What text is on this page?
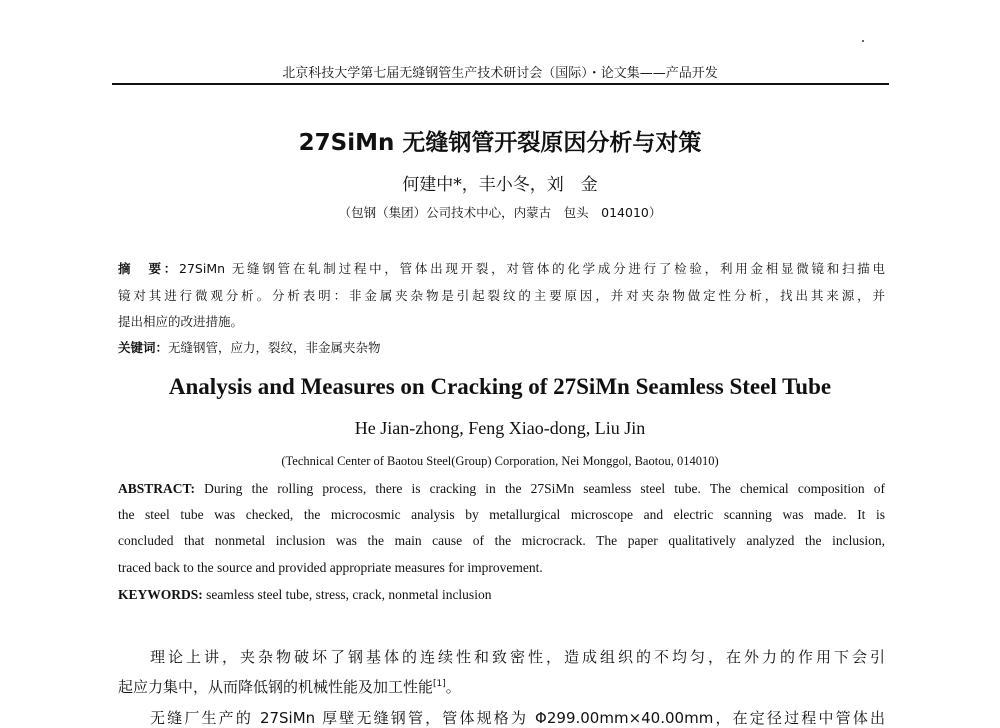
北京科技大学第七届无缝钢管生产技术研讨会（国际）・论文集——产品开发
27SiMn 无缝钢管开裂原因分析与对策
何建中*，丰小冬，刘　金
（包钢（集团）公司技术中心，内蒙古　包头　014010）
摘　要：27SiMn 无缝钢管在轧制过程中，管体出现开裂，对管体的化学成分进行了检验，利用金相显微镜和扫描电
镜对其进行微观分析。分析表明：非金属夹杂物是引起裂纹的主要原因，并对夹杂物做定性分析，找出其来源，并
提出相应的改进措施。
关键词：无缝钢管，应力，裂纹，非金属夹杂物
Analysis and Measures on Cracking of 27SiMn Seamless Steel Tube
He Jian-zhong, Feng Xiao-dong, Liu Jin
(Technical Center of Baotou Steel(Group) Corporation, Nei Monggol, Baotou, 014010)
ABSTRACT: During the rolling process, there is cracking in the 27SiMn seamless steel tube. The chemical composition of
the steel tube was checked, the microcosmic analysis by metallurgical microscope and electric scanning was made. It is
concluded that nonmetal inclusion was the main cause of the microcrack. The paper qualitatively analyzed the inclusion,
traced back to the source and provided appropriate measures for improvement.
KEYWORDS: seamless steel tube, stress, crack, nonmetal inclusion
理论上讲，夹杂物破坏了钢基体的连续性和致密性，造成组织的不均匀，在外力的作用下会引
起应力集中，从而降低钢的机械性能及加工性能[1]。
无缝厂生产的 27SiMn 厚壁无缝钢管，管体规格为 Φ299.00mm×40.00mm，在定径过程中管体出
